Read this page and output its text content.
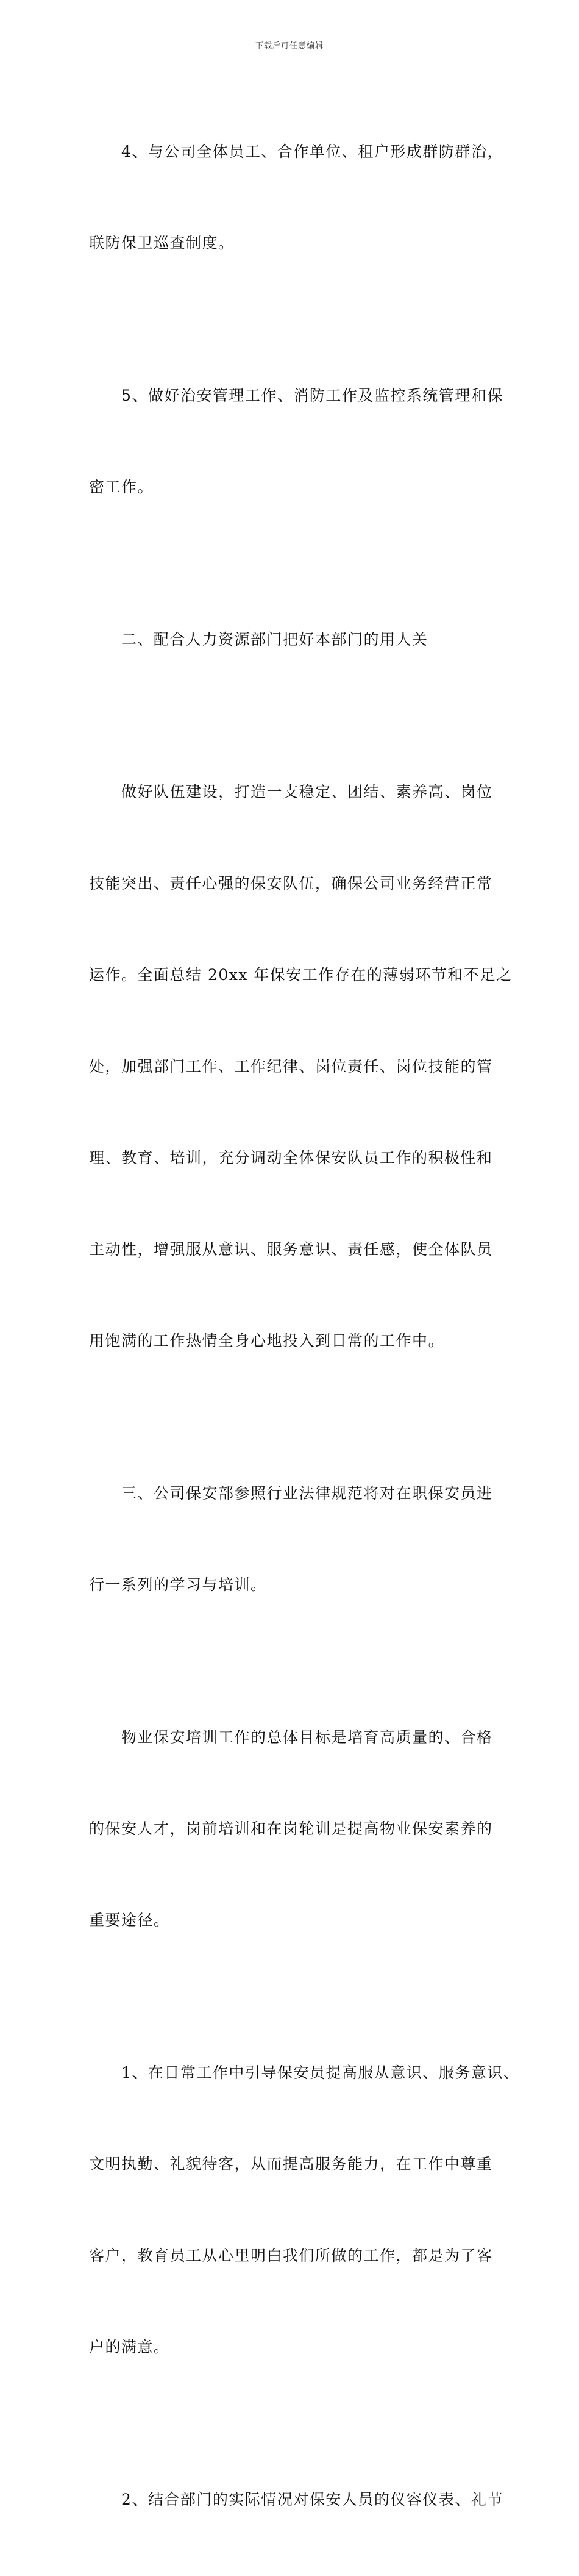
下载后可任意编辑

　　4、与公司全体员工、合作单位、租户形成群防群治，

联防保卫巡查制度。

　　5、做好治安管理工作、消防工作及监控系统管理和保

密工作。

　　二、配合人力资源部门把好本部门的用人关

　　做好队伍建设，打造一支稳定、团结、素养高、岗位

技能突出、责任心强的保安队伍，确保公司业务经营正常

运作。全面总结 20xx 年保安工作存在的薄弱环节和不足之

处，加强部门工作、工作纪律、岗位责任、岗位技能的管

理、教育、培训，充分调动全体保安队员工作的积极性和

主动性，增强服从意识、服务意识、责任感，使全体队员

用饱满的工作热情全身心地投入到日常的工作中。

　　三、公司保安部参照行业法律规范将对在职保安员进

行一系列的学习与培训。

　　物业保安培训工作的总体目标是培育高质量的、合格

的保安人才，岗前培训和在岗轮训是提高物业保安素养的

重要途径。

　　1、在日常工作中引导保安员提高服从意识、服务意识、

文明执勤、礼貌待客，从而提高服务能力，在工作中尊重

客户，教育员工从心里明白我们所做的工作，都是为了客

户的满意。

　　2、结合部门的实际情况对保安人员的仪容仪表、礼节
